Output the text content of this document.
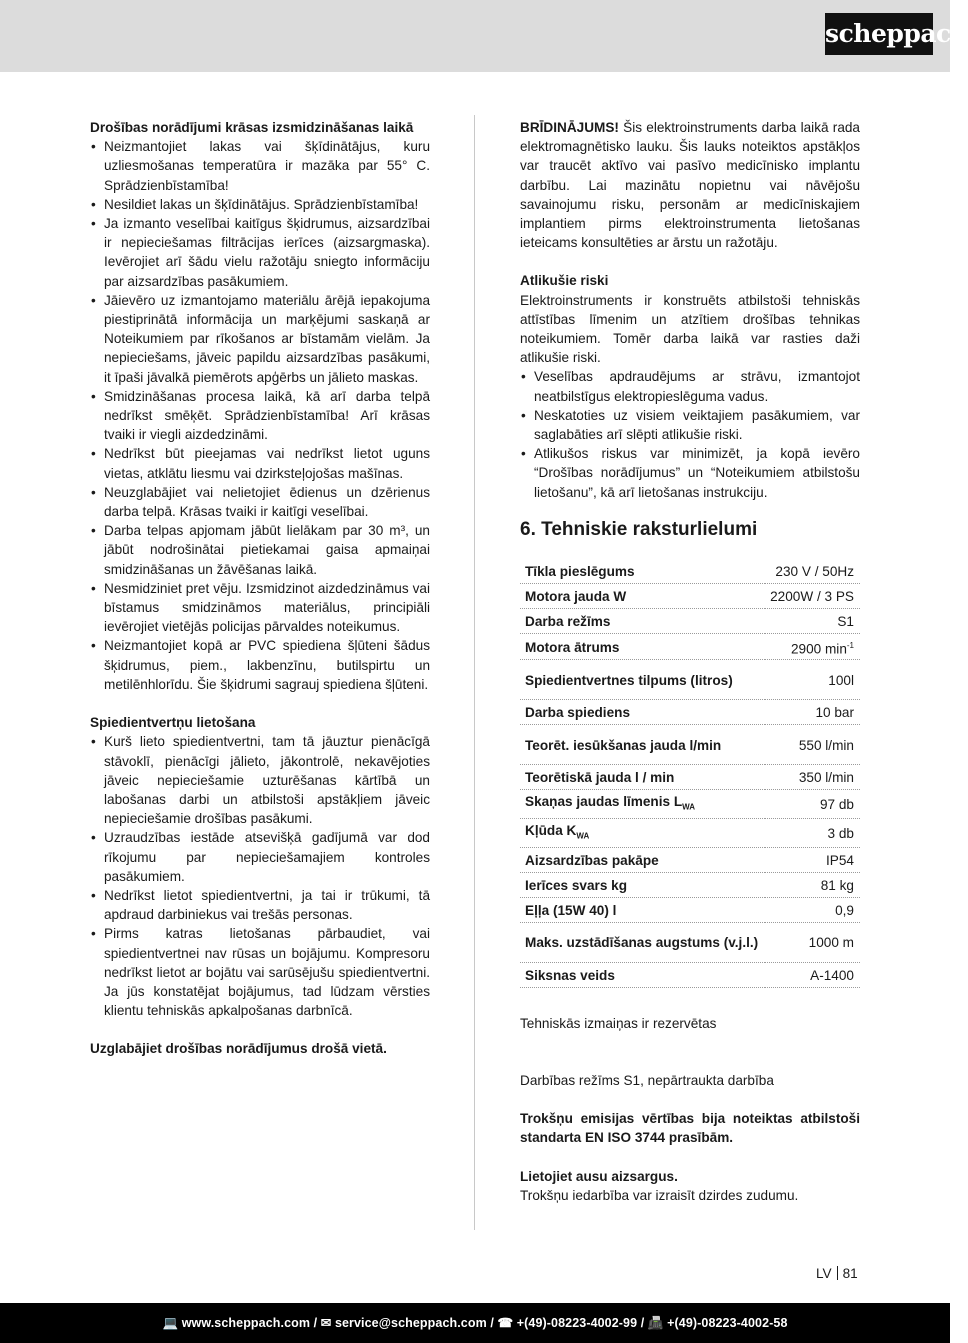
scheppach
Drošības norādījumi krāsas izsmidzināšanas laikā
• Neizmantojiet lakas vai šķīdinātājus, kuru uzliesmošanas temperatūra ir mazāka par 55° C. Sprādzienbīstamība!
• Nesildiet lakas un šķīdinātājus. Sprādzienbīstamība!
• Ja izmanto veselībai kaitīgus šķidrumus, aizsardzībai ir nepieciešamas filtrācijas ierīces (aizsargmaska). Ievērojiet arī šādu vielu ražotāju sniegto informāciju par aizsardzības pasākumiem.
• Jāievēro uz izmantojamo materiālu ārējā iepakojuma piestiprinātā informācija un marķējumi saskaņā ar Noteikumiem par rīkošanos ar bīstamām vielām. Ja nepieciešams, jāveic papildu aizsardzības pasākumi, it īpaši jāvalkā piemērots apģērbs un jālieto maskas.
• Smidzināšanas procesa laikā, kā arī darba telpā nedrīkst smēķēt. Sprādzienbīstamība! Arī krāsas tvaiki ir viegli aizdedzināmi.
• Nedrīkst būt pieejamas vai nedrīkst lietot uguns vietas, atklātu liesmu vai dzirksteļojošas mašīnas.
• Neuzglabājiet vai nelietojiet ēdienus un dzērienus darba telpā. Krāsas tvaiki ir kaitīgi veselībai.
• Darba telpas apjomam jābūt lielākam par 30 m³, un jābūt nodrošinātai pietiekamai gaisa apmaiņai smidzināšanas un žāvēšanas laikā.
• Nesmidziniet pret vēju. Izsmidzinot aizdedzināmus vai bīstamus smidzināmos materiālus, principiāli ievērojiet vietējās policijas pārvaldes noteikumus.
• Neizmantojiet kopā ar PVC spiediena šļūteni šādus šķidrumus, piem., lakbenzīnu, butilspirtu un metilēnhlorīdu. Šie šķidrumi sagrauj spiediena šļūteni.
Spiedientvertņu lietošana
• Kurš lieto spiedientvertni, tam tā jāuztur pienācīgā stāvoklī, pienācīgi jālieto, jākontrolē, nekavējoties jāveic nepieciešamie uzturēšanas kārtībā un labošanas darbi un atbilstoši apstākļiem jāveic nepieciešamie drošības pasākumi.
• Uzraudzības iestāde atsevišķā gadījumā var dod rīkojumu par nepieciešamajiem kontroles pasākumiem.
• Nedrīkst lietot spiedientvertni, ja tai ir trūkumi, tā apdraud darbiniekus vai trešās personas.
• Pirms katras lietošanas pārbaudiet, vai spiedientvertnei nav rūsas un bojājumu. Kompresoru nedrīkst lietot ar bojātu vai sarūsējušu spiedientvertni. Ja jūs konstatējat bojājumus, tad lūdzam vērsties klientu tehniskās apkalpošanas darbnīcā.
Uzglabājiet drošības norādījumus drošā vietā.
BRĪDINĀJUMS! Šis elektroinstruments darba laikā rada elektromagnētisko lauku. Šis lauks noteiktos apstākļos var traucēt aktīvo vai pasīvo medicīnisko implantu darbību. Lai mazinātu nopietnu vai nāvējošu savainojumu risku, personām ar medicīniskajiem implantiem pirms elektroinstrumenta lietošanas ieteicams konsultēties ar ārstu un ražotāju.
Atlikušie riski
Elektroinstruments ir konstruēts atbilstoši tehniskās attīstības līmenim un atzītiem drošības tehnikas noteikumiem. Tomēr darba laikā var rasties daži atlikušie riski.
• Veselības apdraudējums ar strāvu, izmantojot neatbilstīgus elektropieslēguma vadus.
• Neskatoties uz visiem veiktajiem pasākumiem, var saglabāties arī slēpti atlikušie riski.
• Atlikušos riskus var minimizēt, ja kopā ievēro “Drošības norādījumus” un “Noteikumiem atbilstošu lietošanu”, kā arī lietošanas instrukciju.
6. Tehniskie raksturlielumi
Tīkla pieslēgums	230 V / 50Hz
Motora jauda W	2200W / 3 PS
Darba režīms	S1
Motora ātrums	2900 $\min^{-1}$
Spiedientvertnes tilpums (litros)	100l
Darba spiediens	10 bar
Teorēt. iesūkšanas jauda l/min	550 l/min
Teorētiskā jauda l / min	350 l/min
Skaņas jaudas līmenis $L_{WA}$	97 db
Kļūda $K_{WA}$	3 db
Aizsardzības pakāpe	IP54
Ierīces svars kg	81 kg
Eļļa (15W 40) l	0,9
Maks. uzstādīšanas augstums (v.j.l.)	1000 m
Siksnas veids	A-1400
Tehniskās izmaiņas ir rezervētas
Darbības režīms S1, nepārtraukta darbība
Trokšņu emisijas vērtības bija noteiktas atbilstoši standarta EN ISO 3744 prasībām.
Lietojiet ausu aizsargus.
Trokšņu iedarbība var izraisīt dzirdes zudumu.
LV 81
💻 www.scheppach.com / ✉ service@scheppach.com / ☎ +(49)-08223-4002-99 / 📠 +(49)-08223-4002-58
